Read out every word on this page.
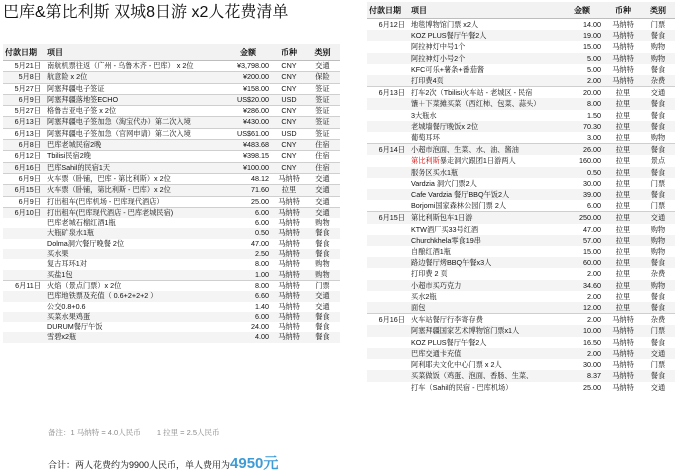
巴库&第比利斯 双城8日游 x2人花费清单
付款日期	项目	金额	币种	类别
5月21日	南航机票往返（广州 - 乌鲁木齐 - 巴库） x 2位	¥3,798.00	CNY	交通
5月8日	航意险 x 2位	¥200.00	CNY	保险
5月27日	阿塞拜疆电子签证	¥158.00	CNY	签证
6月9日	阿塞拜疆落地签ECHO	US$20.00	USD	签证
5月27日	格鲁吉亚电子签 x 2位	¥286.00	CNY	签证
6月13日	阿塞拜疆电子签加急（淘宝代办）第二次入境	¥430.00	CNY	签证
6月13日	阿塞拜疆电子签加急（官网申请）第二次入境	US$61.00	USD	签证
6月8日	巴库老城民宿2晚	¥483.68	CNY	住宿
6月12日	Tbilisi民宿2晚	¥398.15	CNY	住宿
6月16日	巴库Sahil的民宿1天	¥100.00	CNY	住宿
6月9日	火车票（卧铺，巴库 - 第比利斯）x 2位	48.12	马纳特	交通
6月15日	火车票（卧铺，第比利斯 - 巴库）x 2位	71.60	拉里	交通
6月9日	打出租车(巴库机场 - 巴库现代酒店）	25.00	马纳特	交通
6月10日	打出租车(巴库现代酒店 - 巴库老城民宿)	6.00	马纳特	交通
	巴库老城石榴红酒1瓶	6.00	马纳特	购物
	大瓶矿泉水1瓶	0.50	马纳特	餐食
	Dolma洞穴餐厅晚餐 2位	47.00	马纳特	餐食
	买水果	2.50	马纳特	餐食
	复古耳环1对	8.00	马纳特	购物
	买盐1包	1.00	马纳特	购物
6月11日	火焰（景点门票）x 2位	8.00	马纳特	门票
	巴库地铁票及充值（ 0.6+2+2+2 ）	6.60	马纳特	交通
	公交0.8+0.6	1.40	马纳特	交通
	买菜水果鸡蛋	6.00	马纳特	餐食
	DURUM餐厅午饭	24.00	马纳特	餐食
	雪碧x2瓶	4.00	马纳特	餐食
付款日期	项目	金额	币种	类别
6月12日	地毯博物馆门票 x2人	14.00	马纳特	门票
	KOZ PLUS餐厅午餐2人	19.00	马纳特	餐食
	阿拉神灯中号1个	15.00	马纳特	购物
	阿拉神灯小号2个	5.00	马纳特	购物
	KFC可乐+薯条+番茄酱	5.00	马纳特	餐食
	打印费4页	2.00	马纳特	杂费
6月13日	打车2次（Tbilisi火车站 - 老城区 - 民宿	20.00	拉里	交通
	馕＋下菜摊买菜（西红柿、包菜、蒜头）	8.00	拉里	餐食
	3大瓶水	1.50	拉里	餐食
	老城墙餐厅晚饭x 2位	70.30	拉里	餐食
	葡萄耳环	3.00	拉里	购物
6月14日	小超市泡面、生菜、水、油、酱油	26.00	拉里	餐食
	第比利斯暴走洞穴跟团1日游两人	160.00	拉里	景点
	服务区买水1瓶	0.50	拉里	餐食
	Vardzia 洞穴门票2人	30.00	拉里	门票
	Cafe Vardzia 餐厅BBQ午饭2人	39.00	拉里	餐食
	Borjomi国家森林公园门票 2人	6.00	拉里	门票
6月15日	第比利斯包车1日游	250.00	拉里	交通
	KTW酒厂买33号红酒	47.00	拉里	购物
	Churchkhela零食19串	57.00	拉里	购物
	自酿红酒1瓶	15.00	拉里	购物
	路边餐厅烤BBQ午餐x3人	60.00	拉里	餐食
	打印费 2 页	2.00	拉里	杂费
	小超市买巧克力	34.60	拉里	购物
	买水2瓶	2.00	拉里	餐食
	面包	12.00	拉里	餐食
6月16日	火车站餐厅行李寄存费	2.00	马纳特	杂费
	阿塞拜疆国家艺术博物馆门票x1人	10.00	马纳特	门票
	KOZ PLUS餐厅午餐2人	16.50	马纳特	餐食
	巴库交通卡充值	2.00	马纳特	交通
	阿利耶夫文化中心门票 x 2人	30.00	马纳特	门票
	买菜做饭（鸡蛋、泡面、香肠、生菜、	8.37	马纳特	餐食
	打车（Sahil的民宿 - 巴库机场）	25.00	马纳特	交通
备注：1 马纳特 = 4.0人民币 1 拉里 = 2.5人民币
合计：两人花费约为9900人民币，单人费用为4950元
